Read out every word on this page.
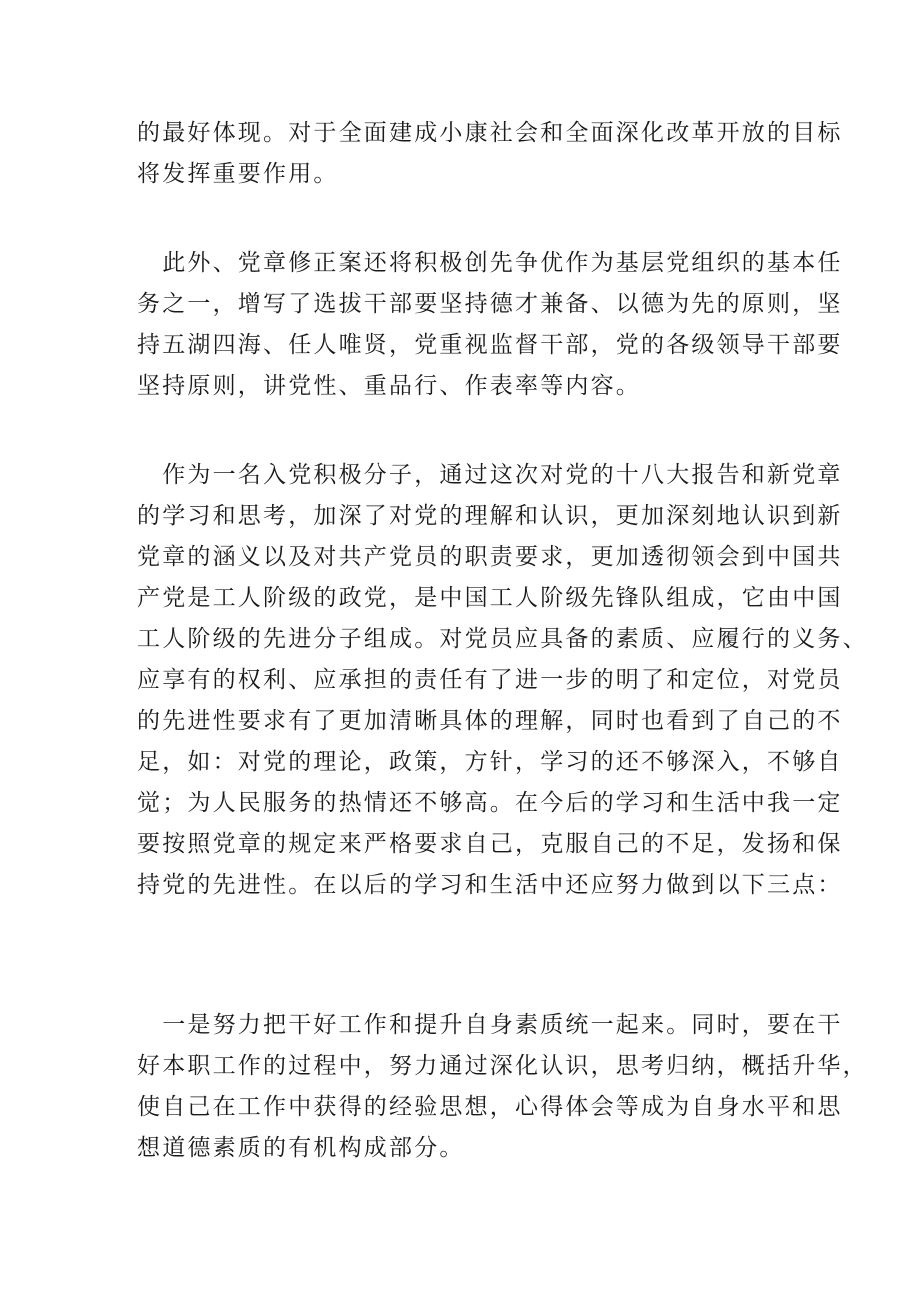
的最好体现。对于全面建成小康社会和全面深化改革开放的目标
将发挥重要作用。
　此外、党章修正案还将积极创先争优作为基层党组织的基本任
务之一，增写了选拔干部要坚持德才兼备、以德为先的原则，坚
持五湖四海、任人唯贤，党重视监督干部，党的各级领导干部要
坚持原则，讲党性、重品行、作表率等内容。
　作为一名入党积极分子，通过这次对党的十八大报告和新党章
的学习和思考，加深了对党的理解和认识，更加深刻地认识到新
党章的涵义以及对共产党员的职责要求，更加透彻领会到中国共
产党是工人阶级的政党，是中国工人阶级先锋队组成，它由中国
工人阶级的先进分子组成。对党员应具备的素质、应履行的义务、
应享有的权利、应承担的责任有了进一步的明了和定位，对党员
的先进性要求有了更加清晰具体的理解，同时也看到了自己的不
足，如：对党的理论，政策，方针，学习的还不够深入，不够自
觉；为人民服务的热情还不够高。在今后的学习和生活中我一定
要按照党章的规定来严格要求自己，克服自己的不足，发扬和保
持党的先进性。在以后的学习和生活中还应努力做到以下三点：
　一是努力把干好工作和提升自身素质统一起来。同时，要在干
好本职工作的过程中，努力通过深化认识，思考归纳，概括升华，
使自己在工作中获得的经验思想，心得体会等成为自身水平和思
想道德素质的有机构成部分。
